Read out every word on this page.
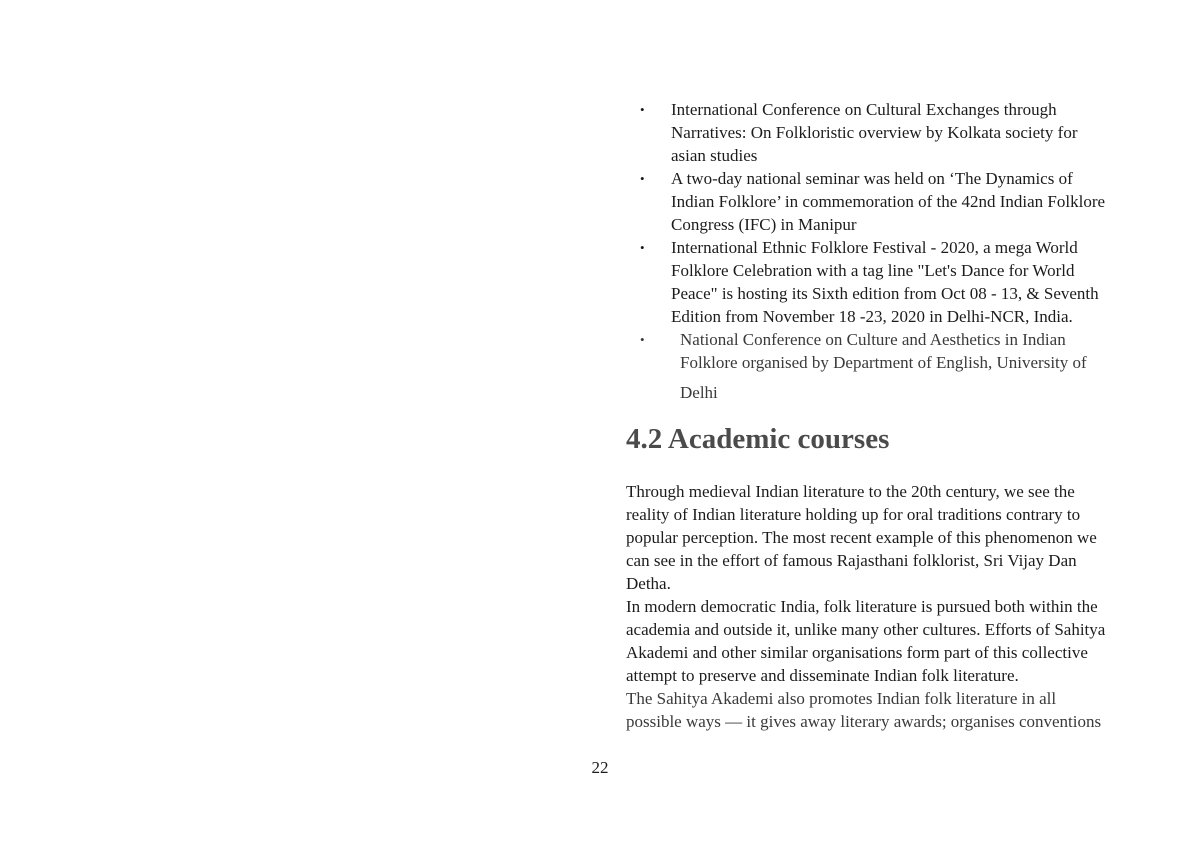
• International Conference on Cultural Exchanges through Narratives: On Folkloristic overview by Kolkata society for asian studies
• A two-day national seminar was held on ‘The Dynamics of Indian Folklore’ in commemoration of the 42nd Indian Folklore Congress (IFC) in Manipur
• International Ethnic Folklore Festival - 2020, a mega World Folklore Celebration with a tag line "Let's Dance for World Peace" is hosting its Sixth edition from Oct 08 - 13, & Seventh Edition from November 18 -23, 2020 in Delhi-NCR, India.
• National Conference on Culture and Aesthetics in Indian Folklore organised by Department of English, University of
Delhi
4.2 Academic courses

Through medieval Indian literature to the 20th century, we see the reality of Indian literature holding up for oral traditions contrary to popular perception. The most recent example of this phenomenon we can see in the effort of famous Rajasthani folklorist, Sri Vijay Dan Detha.

In modern democratic India, folk literature is pursued both within the academia and outside it, unlike many other cultures. Efforts of Sahitya Akademi and other similar organisations form part of this collective attempt to preserve and disseminate Indian folk literature.

The Sahitya Akademi also promotes Indian folk literature in all possible ways — it gives away literary awards; organises conventions

22
